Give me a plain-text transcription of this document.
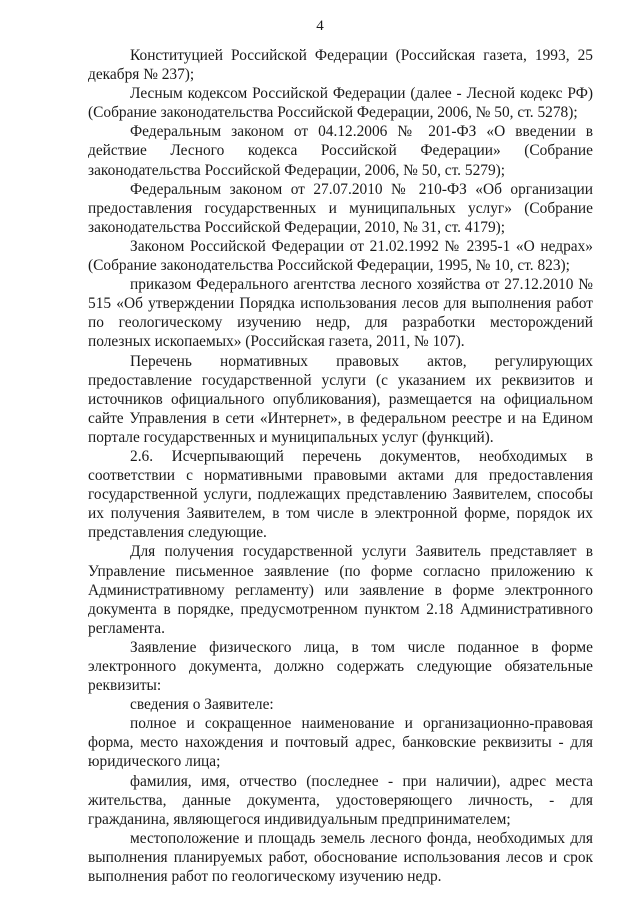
4

Конституцией Российской Федерации (Российская газета, 1993, 25 декабря № 237);

Лесным кодексом Российской Федерации (далее - Лесной кодекс РФ) (Собрание законодательства Российской Федерации, 2006, № 50, ст. 5278);

Федеральным законом от 04.12.2006 № 201-ФЗ «О введении в действие Лесного кодекса Российской Федерации» (Собрание законодательства Российской Федерации, 2006, № 50, ст. 5279);

Федеральным законом от 27.07.2010 № 210-ФЗ «Об организации предоставления государственных и муниципальных услуг» (Собрание законодательства Российской Федерации, 2010, № 31, ст. 4179);

Законом Российской Федерации от 21.02.1992 № 2395-1 «О недрах» (Собрание законодательства Российской Федерации, 1995, № 10, ст. 823);

приказом Федерального агентства лесного хозяйства от 27.12.2010 № 515 «Об утверждении Порядка использования лесов для выполнения работ по геологическому изучению недр, для разработки месторождений полезных ископаемых» (Российская газета, 2011, № 107).

Перечень нормативных правовых актов, регулирующих предоставление государственной услуги (с указанием их реквизитов и источников официального опубликования), размещается на официальном сайте Управления в сети «Интернет», в федеральном реестре и на Едином портале государственных и муниципальных услуг (функций).

2.6. Исчерпывающий перечень документов, необходимых в соответствии с нормативными правовыми актами для предоставления государственной услуги, подлежащих представлению Заявителем, способы их получения Заявителем, в том числе в электронной форме, порядок их представления следующие.

Для получения государственной услуги Заявитель представляет в Управление письменное заявление (по форме согласно приложению к Административному регламенту) или заявление в форме электронного документа в порядке, предусмотренном пунктом 2.18 Административного регламента.

Заявление физического лица, в том числе поданное в форме электронного документа, должно содержать следующие обязательные реквизиты:

сведения о Заявителе:

полное и сокращенное наименование и организационно-правовая форма, место нахождения и почтовый адрес, банковские реквизиты - для юридического лица;

фамилия, имя, отчество (последнее - при наличии), адрес места жительства, данные документа, удостоверяющего личность, - для гражданина, являющегося индивидуальным предпринимателем;

местоположение и площадь земель лесного фонда, необходимых для выполнения планируемых работ, обоснование использования лесов и срок выполнения работ по геологическому изучению недр.
